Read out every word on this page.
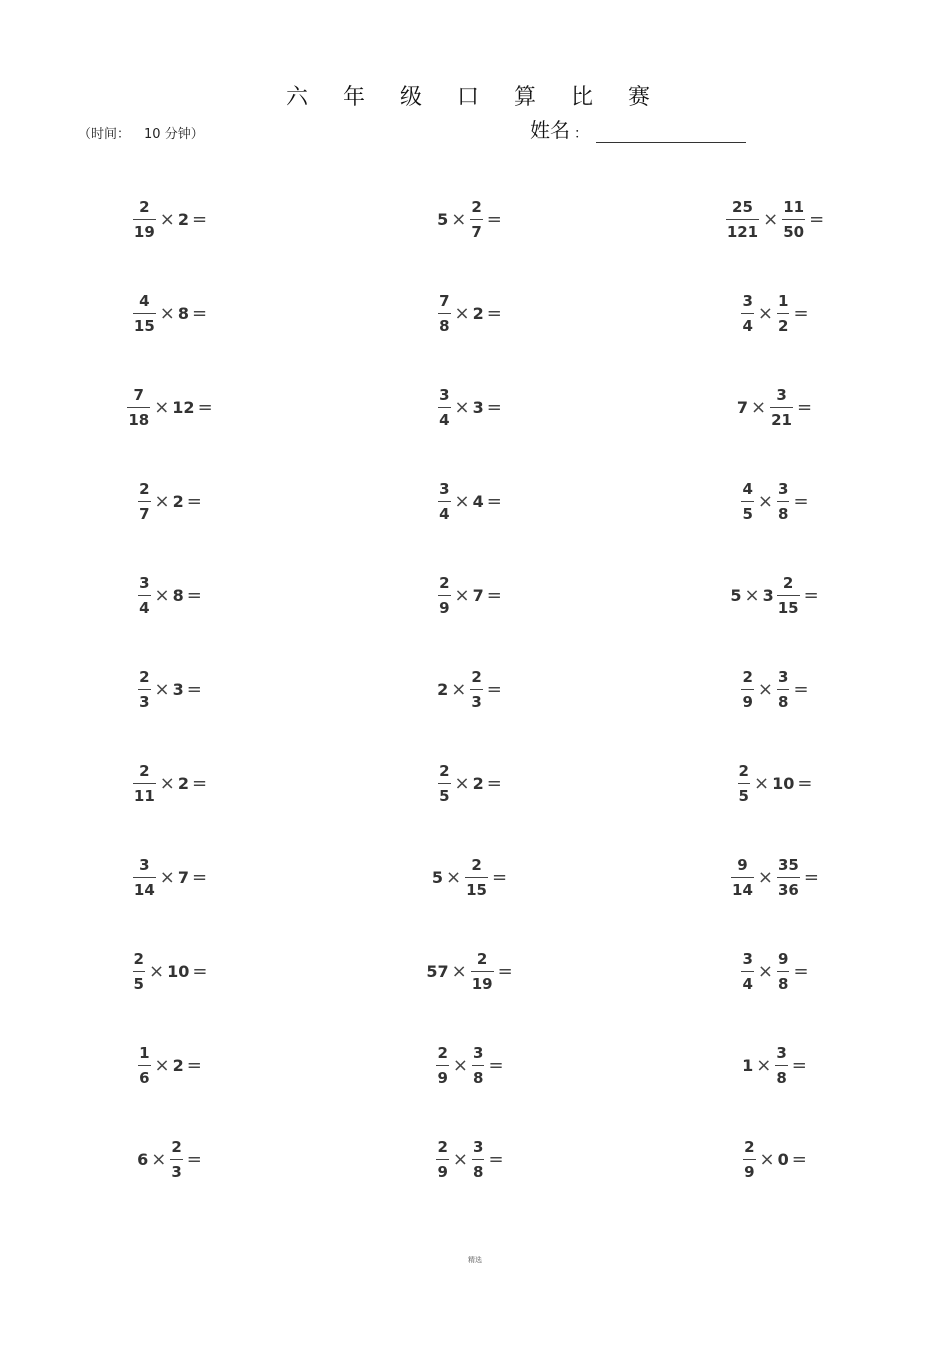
六 年 级 口 算 比 赛
（时间： 10 分钟）	姓名 ：
$\frac{2}{19} \times 2$ =	$5 \times \frac{2}{7}$ =	$\frac{25}{121} \times \frac{11}{50}$ =
$\frac{4}{15} \times 8$ =	$\frac{7}{8} \times 2$ =	$\frac{3}{4} \times \frac{1}{2}$ =
$\frac{7}{18} \times 12$ =	$\frac{3}{4} \times 3$ =	$7 \times \frac{3}{21}$ =
$\frac{2}{7} \times 2$ =	$\frac{3}{4} \times 4$ =	$\frac{4}{5} \times \frac{3}{8}$ =
$\frac{3}{4} \times 8$ =	$\frac{2}{9} \times 7$ =	$5 \times 3 \frac{2}{15}$ =
$\frac{2}{3} \times 3$ =	$2 \times \frac{2}{3}$ =	$\frac{2}{9} \times \frac{3}{8}$ =
$\frac{2}{11} \times 2$ =	$\frac{2}{5} \times 2$ =	$\frac{2}{5} \times 10$ =
$\frac{3}{14} \times 7$ =	$5 \times \frac{2}{15}$ =	$\frac{9}{14} \times \frac{35}{36}$ =
$\frac{2}{5} \times 10$ =	$57 \times \frac{2}{19}$ =	$\frac{3}{4} \times \frac{9}{8}$ =
$\frac{1}{6} \times 2$ =	$\frac{2}{9} \times \frac{3}{8}$ =	$1 \times \frac{3}{8}$ =
$6 \times \frac{2}{3}$ =	$\frac{2}{9} \times \frac{3}{8}$ =	$\frac{2}{9} \times 0$ =
精选
